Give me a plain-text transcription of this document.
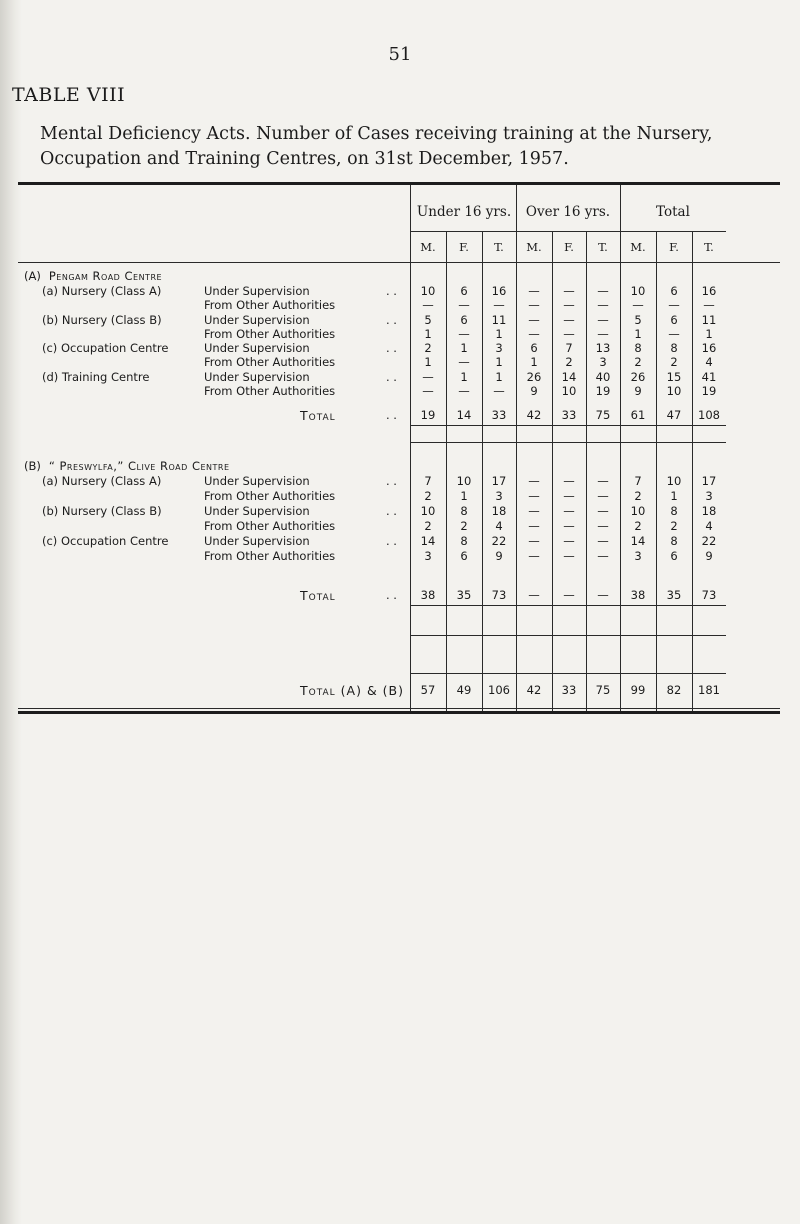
51
TABLE VIII
Mental Deficiency Acts. Number of Cases receiving training at the Nursery, Occupation and Training Centres, on 31st December, 1957.
Under 16 yrs.	Over 16 yrs.	Total
M.	F.	T.	M.	F.	T.	M.	F.	T.
(A) Pengam Road Centre
(a) Nursery (Class A)	Under Supervision	. .	10	6	16	—	—	—	10	6	16
From Other Authorities	—	—	—	—	—	—	—	—	—
(b) Nursery (Class B)	Under Supervision	. .	5	6	11	—	—	—	5	6	11
From Other Authorities	1	—	1	—	—	—	1	—	1
(c) Occupation Centre	Under Supervision	. .	2	1	3	6	7	13	8	8	16
From Other Authorities	1	—	1	1	2	3	2	2	4
(d) Training Centre	Under Supervision	. .	—	1	1	26	14	40	26	15	41
From Other Authorities	—	—	—	9	10	19	9	10	19
Total	. .	19	14	33	42	33	75	61	47	108
(B) “ Preswylfa,” Clive Road Centre
(a) Nursery (Class A)	Under Supervision	. .	7	10	17	—	—	—	7	10	17
From Other Authorities	2	1	3	—	—	—	2	1	3
(b) Nursery (Class B)	Under Supervision	. .	10	8	18	—	—	—	10	8	18
From Other Authorities	2	2	4	—	—	—	2	2	4
(c) Occupation Centre	Under Supervision	. .	14	8	22	—	—	—	14	8	22
From Other Authorities	3	6	9	—	—	—	3	6	9
Total	. .	38	35	73	—	—	—	38	35	73
Total (A) & (B)	57	49	106	42	33	75	99	82	181
